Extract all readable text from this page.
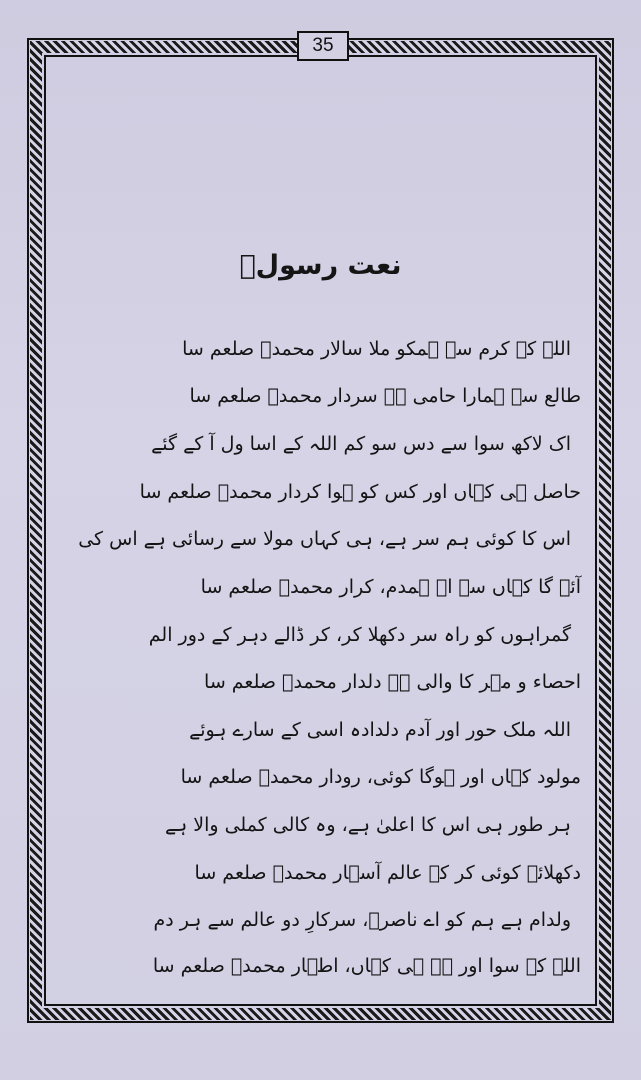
35
نعت رسولؐ
اللہ کے کرم سے ہمکو ملا سالار محمدؐ صلعم سا
طالع سے ہمارا حامی ہے سردار محمدؐ صلعم سا
اک لاکھ سوا سے دس سو کم اللہ کے اسا ول آ کے گئے
حاصل ہی کہاں اور کس کو ہوا کردار محمدؐ صلعم سا
اس کا کوئی ہم سر ہے، ہی کہاں مولا سے رسائی ہے اس کی
آئے گا کہاں سے اے ہمدم، کرار محمدؐ صلعم سا
گمراہوں کو راہ سر دکھلا کر، کر ڈالے دہر کے دور الم
احصاء و مہر کا والی ہے دلدار محمدؐ صلعم سا
اللہ ملک حور اور آدم دلدادہ اسی کے سارے ہوئے
مولود کہاں اور ہوگا کوئی، رودار محمدؐ صلعم سا
ہر طور ہی اس کا اعلیٰ ہے، وہ کالی کملی والا ہے
دکھلائے کوئی کر کے عالم آسہار محمدؐ صلعم سا
ولدام ہے ہم کو اے ناصرؔ، سرکارِ دو عالم سے ہر دم
اللہ کے سوا اور ہے ہی کہاں، اطہار محمدؐ صلعم سا
